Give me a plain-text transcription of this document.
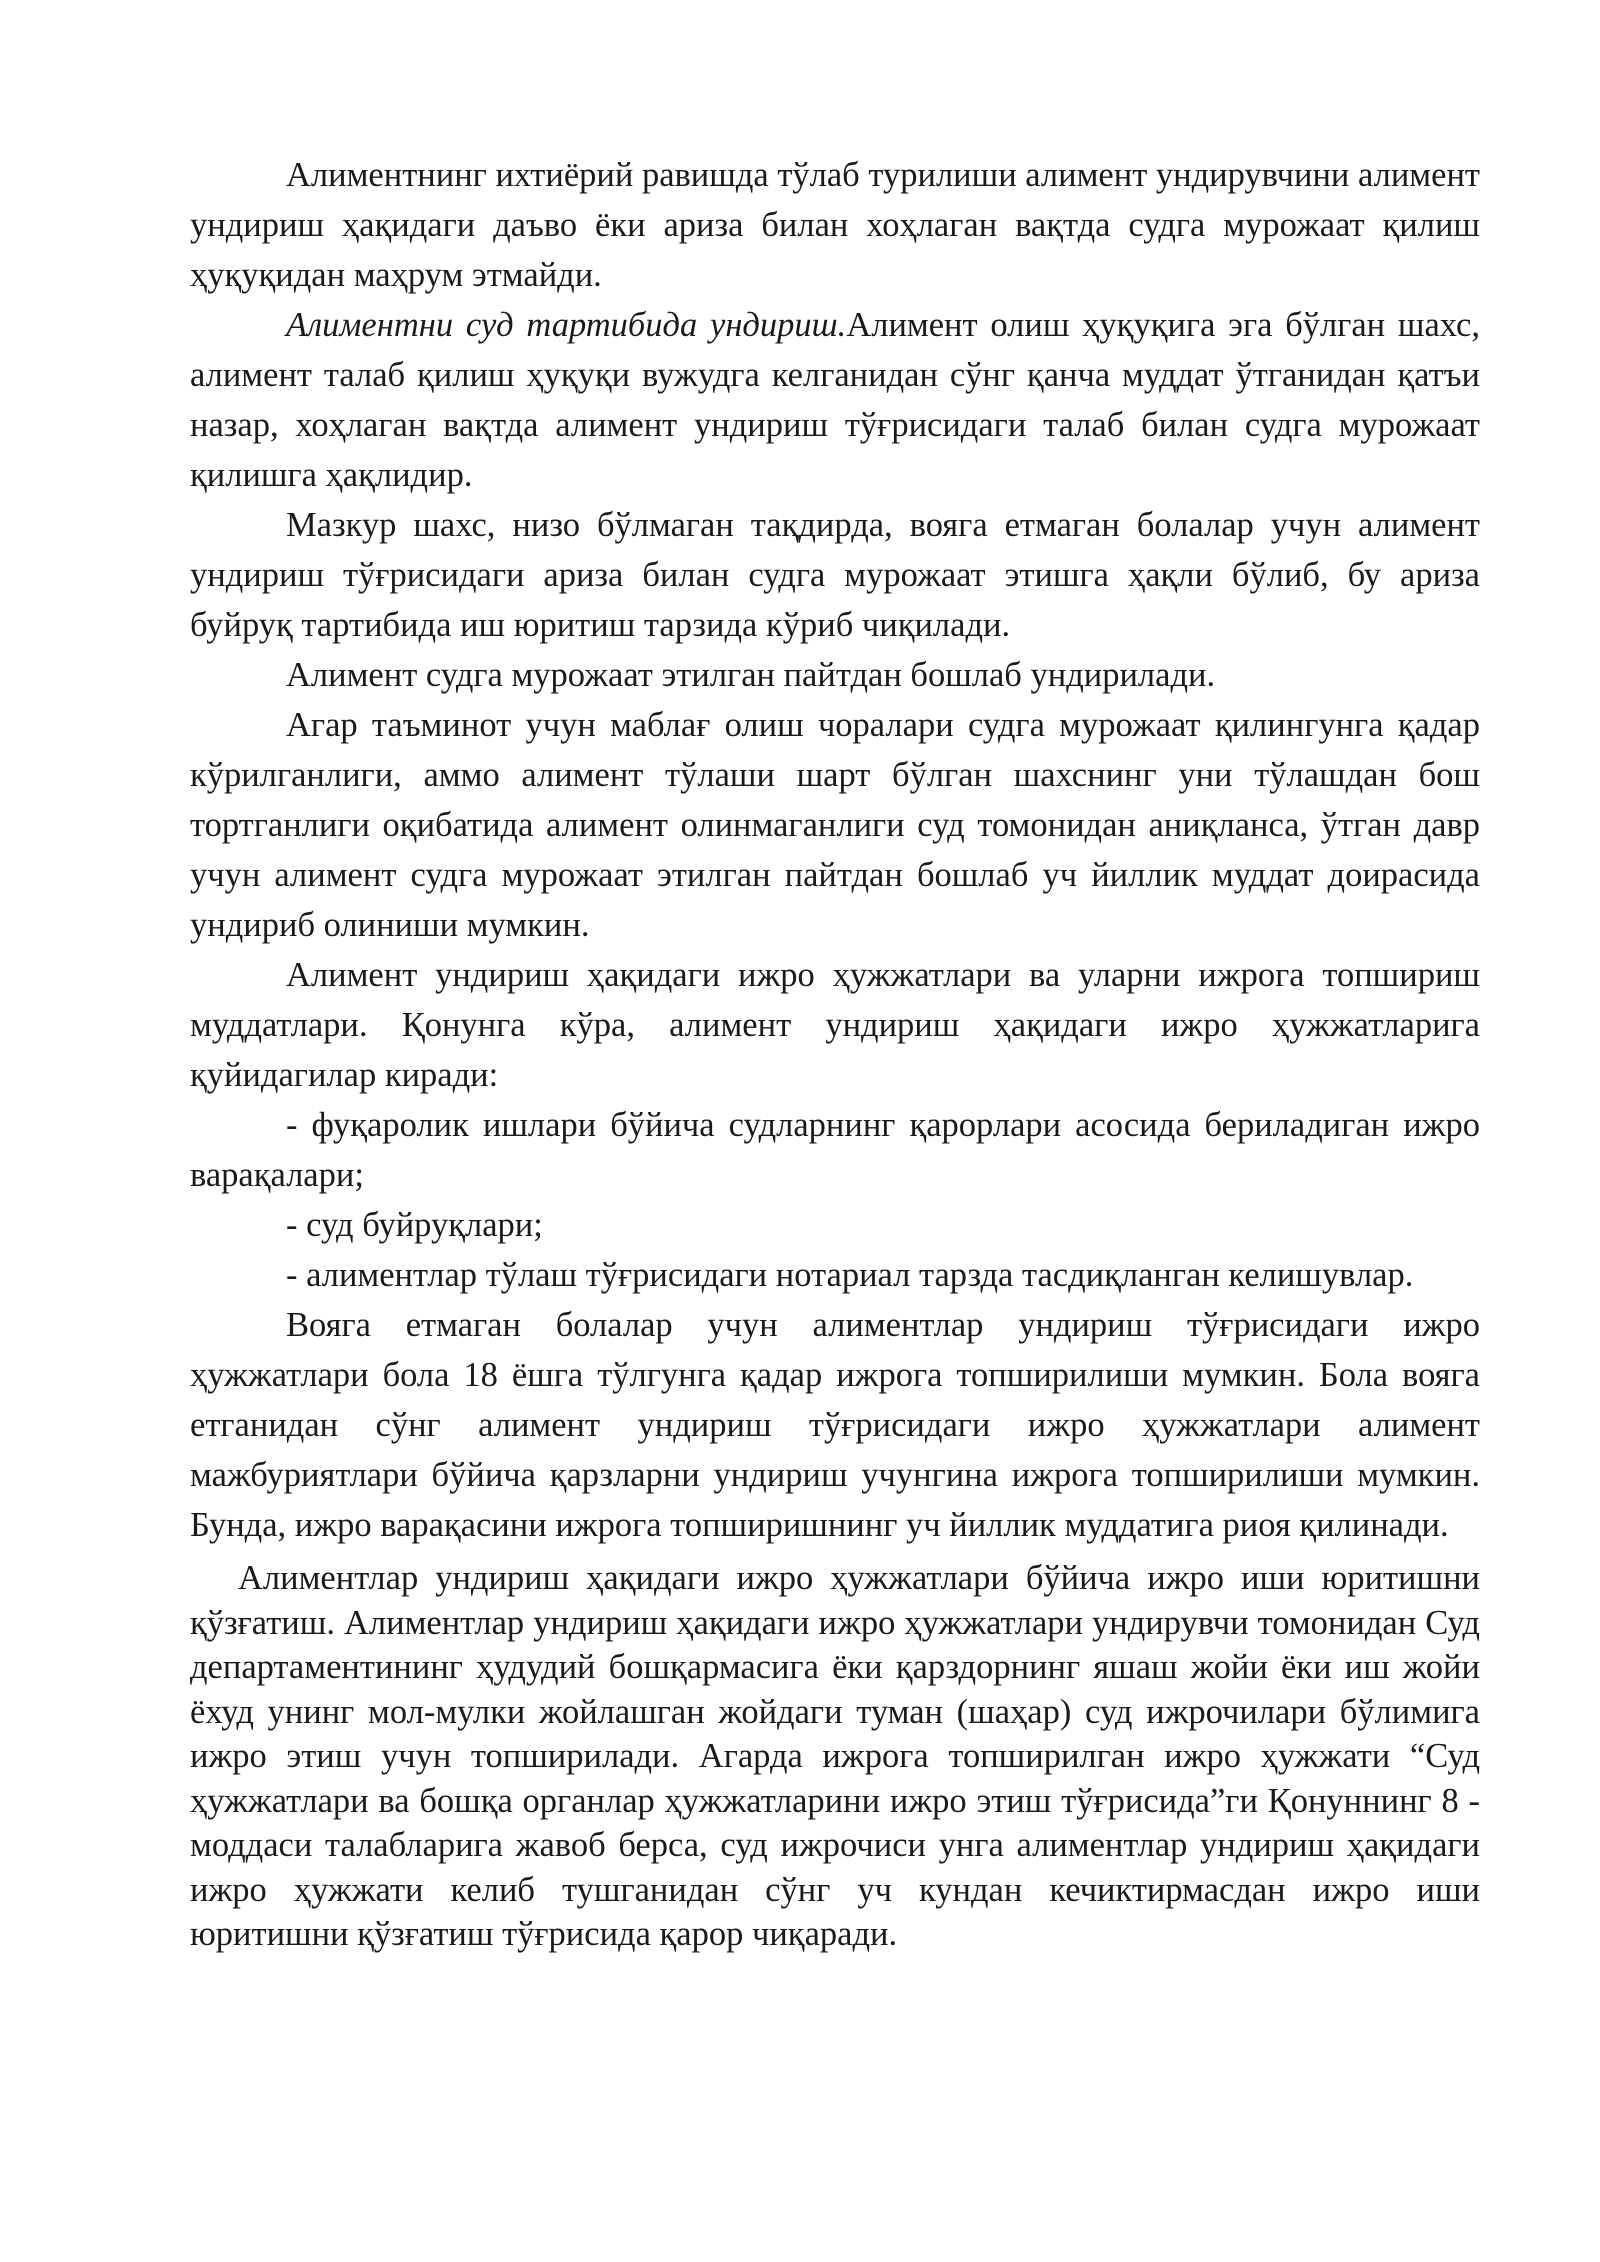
Алиментнинг ихтиёрий равишда тўлаб турилиши алимент ундирувчини алимент ундириш ҳақидаги даъво ёки ариза билан хоҳлаган вақтда судга мурожаат қилиш ҳуқуқидан маҳрум этмайди.

Алиментни суд тартибида ундириш.Алимент олиш ҳуқуқига эга бўлган шахс, алимент талаб қилиш ҳуқуқи вужудга келганидан сўнг қанча муддат ўтганидан қатъи назар, хоҳлаган вақтда алимент ундириш тўғрисидаги талаб билан судга мурожаат қилишга ҳақлидир.

Мазкур шахс, низо бўлмаган тақдирда, вояга етмаган болалар учун алимент ундириш тўғрисидаги ариза билан судга мурожаат этишга ҳақли бўлиб, бу ариза буйруқ тартибида иш юритиш тарзида кўриб чиқилади.

Алимент судга мурожаат этилган пайтдан бошлаб ундирилади.

Агар таъминот учун маблағ олиш чоралари судга мурожаат қилингунга қадар кўрилганлиги, аммо алимент тўлаши шарт бўлган шахснинг уни тўлашдан бош тортганлиги оқибатида алимент олинмаганлиги суд томонидан аниқланса, ўтган давр учун алимент судга мурожаат этилган пайтдан бошлаб уч йиллик муддат доирасида ундириб олиниши мумкин.

Алимент ундириш ҳақидаги ижро ҳужжатлари ва уларни ижрога топшириш муддатлари. Қонунга кўра, алимент ундириш ҳақидаги ижро ҳужжатларига қуйидагилар киради:

- фуқаролик ишлари бўйича судларнинг қарорлари асосида бериладиган ижро варақалари;

- суд буйруқлари;

- алиментлар тўлаш тўғрисидаги нотариал тарзда тасдиқланган келишувлар.

Вояга етмаган болалар учун алиментлар ундириш тўғрисидаги ижро ҳужжатлари бола 18 ёшга тўлгунга қадар ижрога топширилиши мумкин. Бола вояга етганидан сўнг алимент ундириш тўғрисидаги ижро ҳужжатлари алимент мажбуриятлари бўйича қарзларни ундириш учунгина ижрога топширилиши мумкин. Бунда, ижро варақасини ижрога топширишнинг уч йиллик муддатига риоя қилинади.

Алиментлар ундириш ҳақидаги ижро ҳужжатлари бўйича ижро иши юритишни қўзғатиш. Алиментлар ундириш ҳақидаги ижро ҳужжатлари ундирувчи томонидан Суд департаментининг ҳудудий бошқармасига ёки қарздорнинг яшаш жойи ёки иш жойи ёхуд унинг мол-мулки жойлашган жойдаги туман (шаҳар) суд ижрочилари бўлимига ижро этиш учун топширилади. Агарда ижрога топширилган ижро ҳужжати “Суд ҳужжатлари ва бошқа органлар ҳужжатларини ижро этиш тўғрисида”ги Қонуннинг 8 - моддаси талабларига жавоб берса, суд ижрочиси унга алиментлар ундириш ҳақидаги ижро ҳужжати келиб тушганидан сўнг уч кундан кечиктирмасдан ижро иши юритишни қўзғатиш тўғрисида қарор чиқаради.
